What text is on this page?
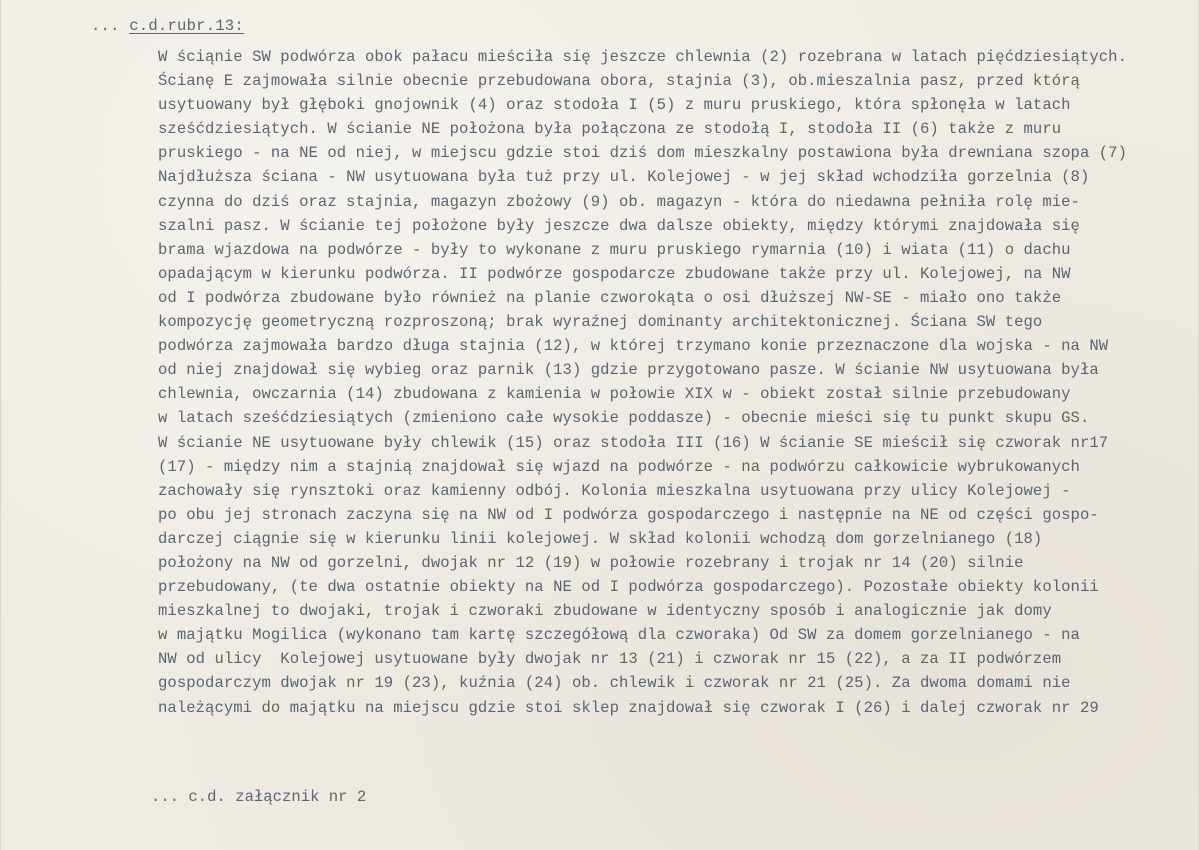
... c.d.rubr.13:
W ściąnie SW podwórza obok pałacu mieściła się jeszcze chlewnia (2) rozebrana w latach pięćdziesiątych.
Ścianę E zajmowała silnie obecnie przebudowana obora, stajnia (3), ob.mieszalnia pasz, przed którą
usytuowany był głęboki gnojownik (4) oraz stodoła I (5) z muru pruskiego, która spłonęła w latach
sześćdziesiątych. W ścianie NE położona była połączona ze stodołą I, stodoła II (6) także z muru
pruskiego - na NE od niej, w miejscu gdzie stoi dziś dom mieszkalny postawiona była drewniana szopa (7)
Najdłuższa ściana - NW usytuowana była tuż przy ul. Kolejowej - w jej skład wchodziła gorzelnia (8)
czynna do dziś oraz stajnia, magazyn zbożowy (9) ob. magazyn - która do niedawna pełniła rolę mie-
szalni pasz. W ścianie tej położone były jeszcze dwa dalsze obiekty, między którymi znajdowała się
brama wjazdowa na podwórze - były to wykonane z muru pruskiego rymarnia (10) i wiata (11) o dachu
opadającym w kierunku podwórza. II podwórze gospodarcze zbudowane także przy ul. Kolejowej, na NW
od I podwórza zbudowane było również na planie czworokąta o osi dłuższej NW-SE - miało ono także
kompozycję geometryczną rozproszoną; brak wyraźnej dominanty architektonicznej. Ściana SW tego
podwórza zajmowała bardzo długa stajnia (12), w której trzymano konie przeznaczone dla wojska - na NW
od niej znajdował się wybieg oraz parnik (13) gdzie przygotowano pasze. W ścianie NW usytuowana była
chlewnia, owczarnia (14) zbudowana z kamienia w połowie XIX w - obiekt został silnie przebudowany
w latach sześćdziesiątych (zmieniono całe wysokie poddasze) - obecnie mieści się tu punkt skupu GS.
W ścianie NE usytuowane były chlewik (15) oraz stodoła III (16) W ścianie SE mieścił się czworak nr17
(17) - między nim a stajnią znajdował się wjazd na podwórze - na podwórzu całkowicie wybrukowanych
zachowały się rynsztoki oraz kamienny odbój. Kolonia mieszkalna usytuowana przy ulicy Kolejowej -
po obu jej stronach zaczyna się na NW od I podwórza gospodarczego i następnie na NE od części gospo-
darczej ciągnie się w kierunku linii kolejowej. W skład kolonii wchodzą dom gorzelnianego (18)
położony na NW od gorzelni, dwojak nr 12 (19) w połowie rozebrany i trojak nr 14 (20) silnie
przebudowany, (te dwa ostatnie obiekty na NE od I podwórza gospodarczego). Pozostałe obiekty kolonii
mieszkalnej to dwojaki, trojak i czworaki zbudowane w identyczny sposób i analogicznie jak domy
w majątku Mogilica (wykonano tam kartę szczegółową dla czworaka) Od SW za domem gorzelnianego - na
NW od ulicy  Kolejowej usytuowane były dwojak nr 13 (21) i czworak nr 15 (22), a za II podwórzem
gospodarczym dwojak nr 19 (23), kuźnia (24) ob. chlewik i czworak nr 21 (25). Za dwoma domami nie
należącymi do majątku na miejscu gdzie stoi sklep znajdował się czworak I (26) i dalej czworak nr 29
... c.d. załącznik nr 2
